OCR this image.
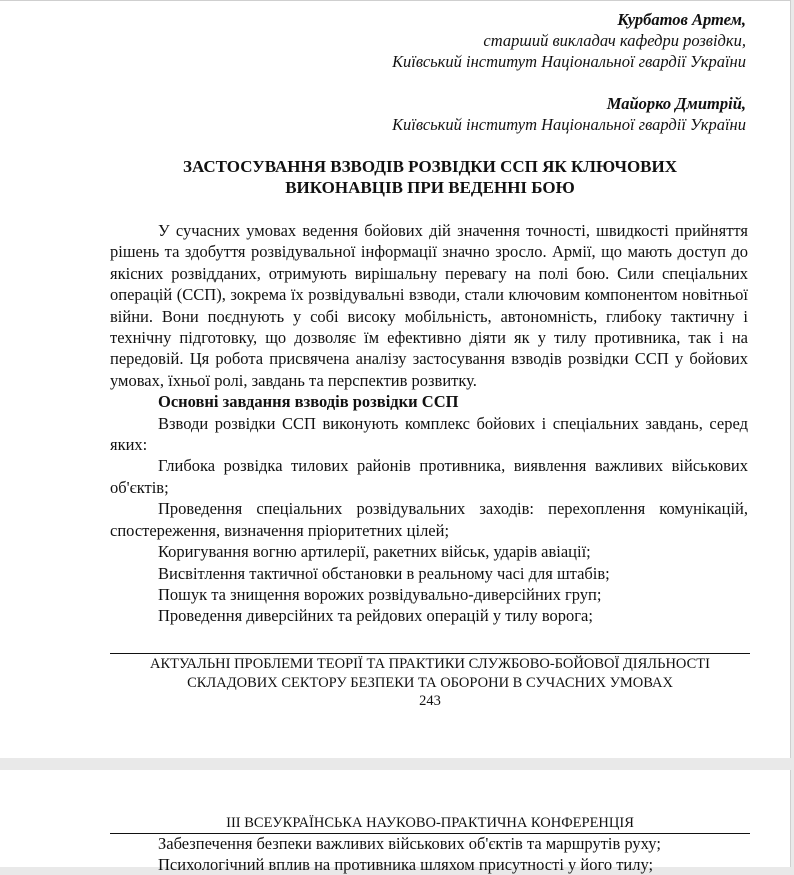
Курбатов Артем,
старший викладач кафедри розвідки,
Київський інститут Національної гвардії України
Майорко Дмитрій,
Київський інститут Національної гвардії України
ЗАСТОСУВАННЯ ВЗВОДІВ РОЗВІДКИ ССП ЯК КЛЮЧОВИХ
ВИКОНАВЦІВ ПРИ ВЕДЕННІ БОЮ

У сучасних умовах ведення бойових дій значення точності, швидкості прийняття рішень та здобуття розвідувальної інформації значно зросло. Армії, що мають доступ до якісних розвідданих, отримують вирішальну перевагу на полі бою. Сили спеціальних операцій (ССП), зокрема їх розвідувальні взводи, стали ключовим компонентом новітньої війни. Вони поєднують у собі високу мобільність, автономність, глибоку тактичну і технічну підготовку, що дозволяє їм ефективно діяти як у тилу противника, так і на передовій. Ця робота присвячена аналізу застосування взводів розвідки ССП у бойових умовах, їхньої ролі, завдань та перспектив розвитку.

Основні завдання взводів розвідки ССП

Взводи розвідки ССП виконують комплекс бойових і спеціальних завдань, серед яких:

Глибока розвідка тилових районів противника, виявлення важливих військових об'єктів;

Проведення спеціальних розвідувальних заходів: перехоплення комунікацій, спостереження, визначення пріоритетних цілей;

Коригування вогню артилерії, ракетних військ, ударів авіації;

Висвітлення тактичної обстановки в реальному часі для штабів;

Пошук та знищення ворожих розвідувально-диверсійних груп;

Проведення диверсійних та рейдових операцій у тилу ворога;

АКТУАЛЬНІ ПРОБЛЕМИ ТЕОРІЇ ТА ПРАКТИКИ СЛУЖБОВО-БОЙОВОЇ ДІЯЛЬНОСТІ
СКЛАДОВИХ СЕКТОРУ БЕЗПЕКИ ТА ОБОРОНИ В СУЧАСНИХ УМОВАХ
243
ІІІ ВСЕУКРАЇНСЬКА НАУКОВО-ПРАКТИЧНА КОНФЕРЕНЦІЯ

Забезпечення безпеки важливих військових об'єктів та маршрутів руху;

Психологічний вплив на противника шляхом присутності у його тилу;
